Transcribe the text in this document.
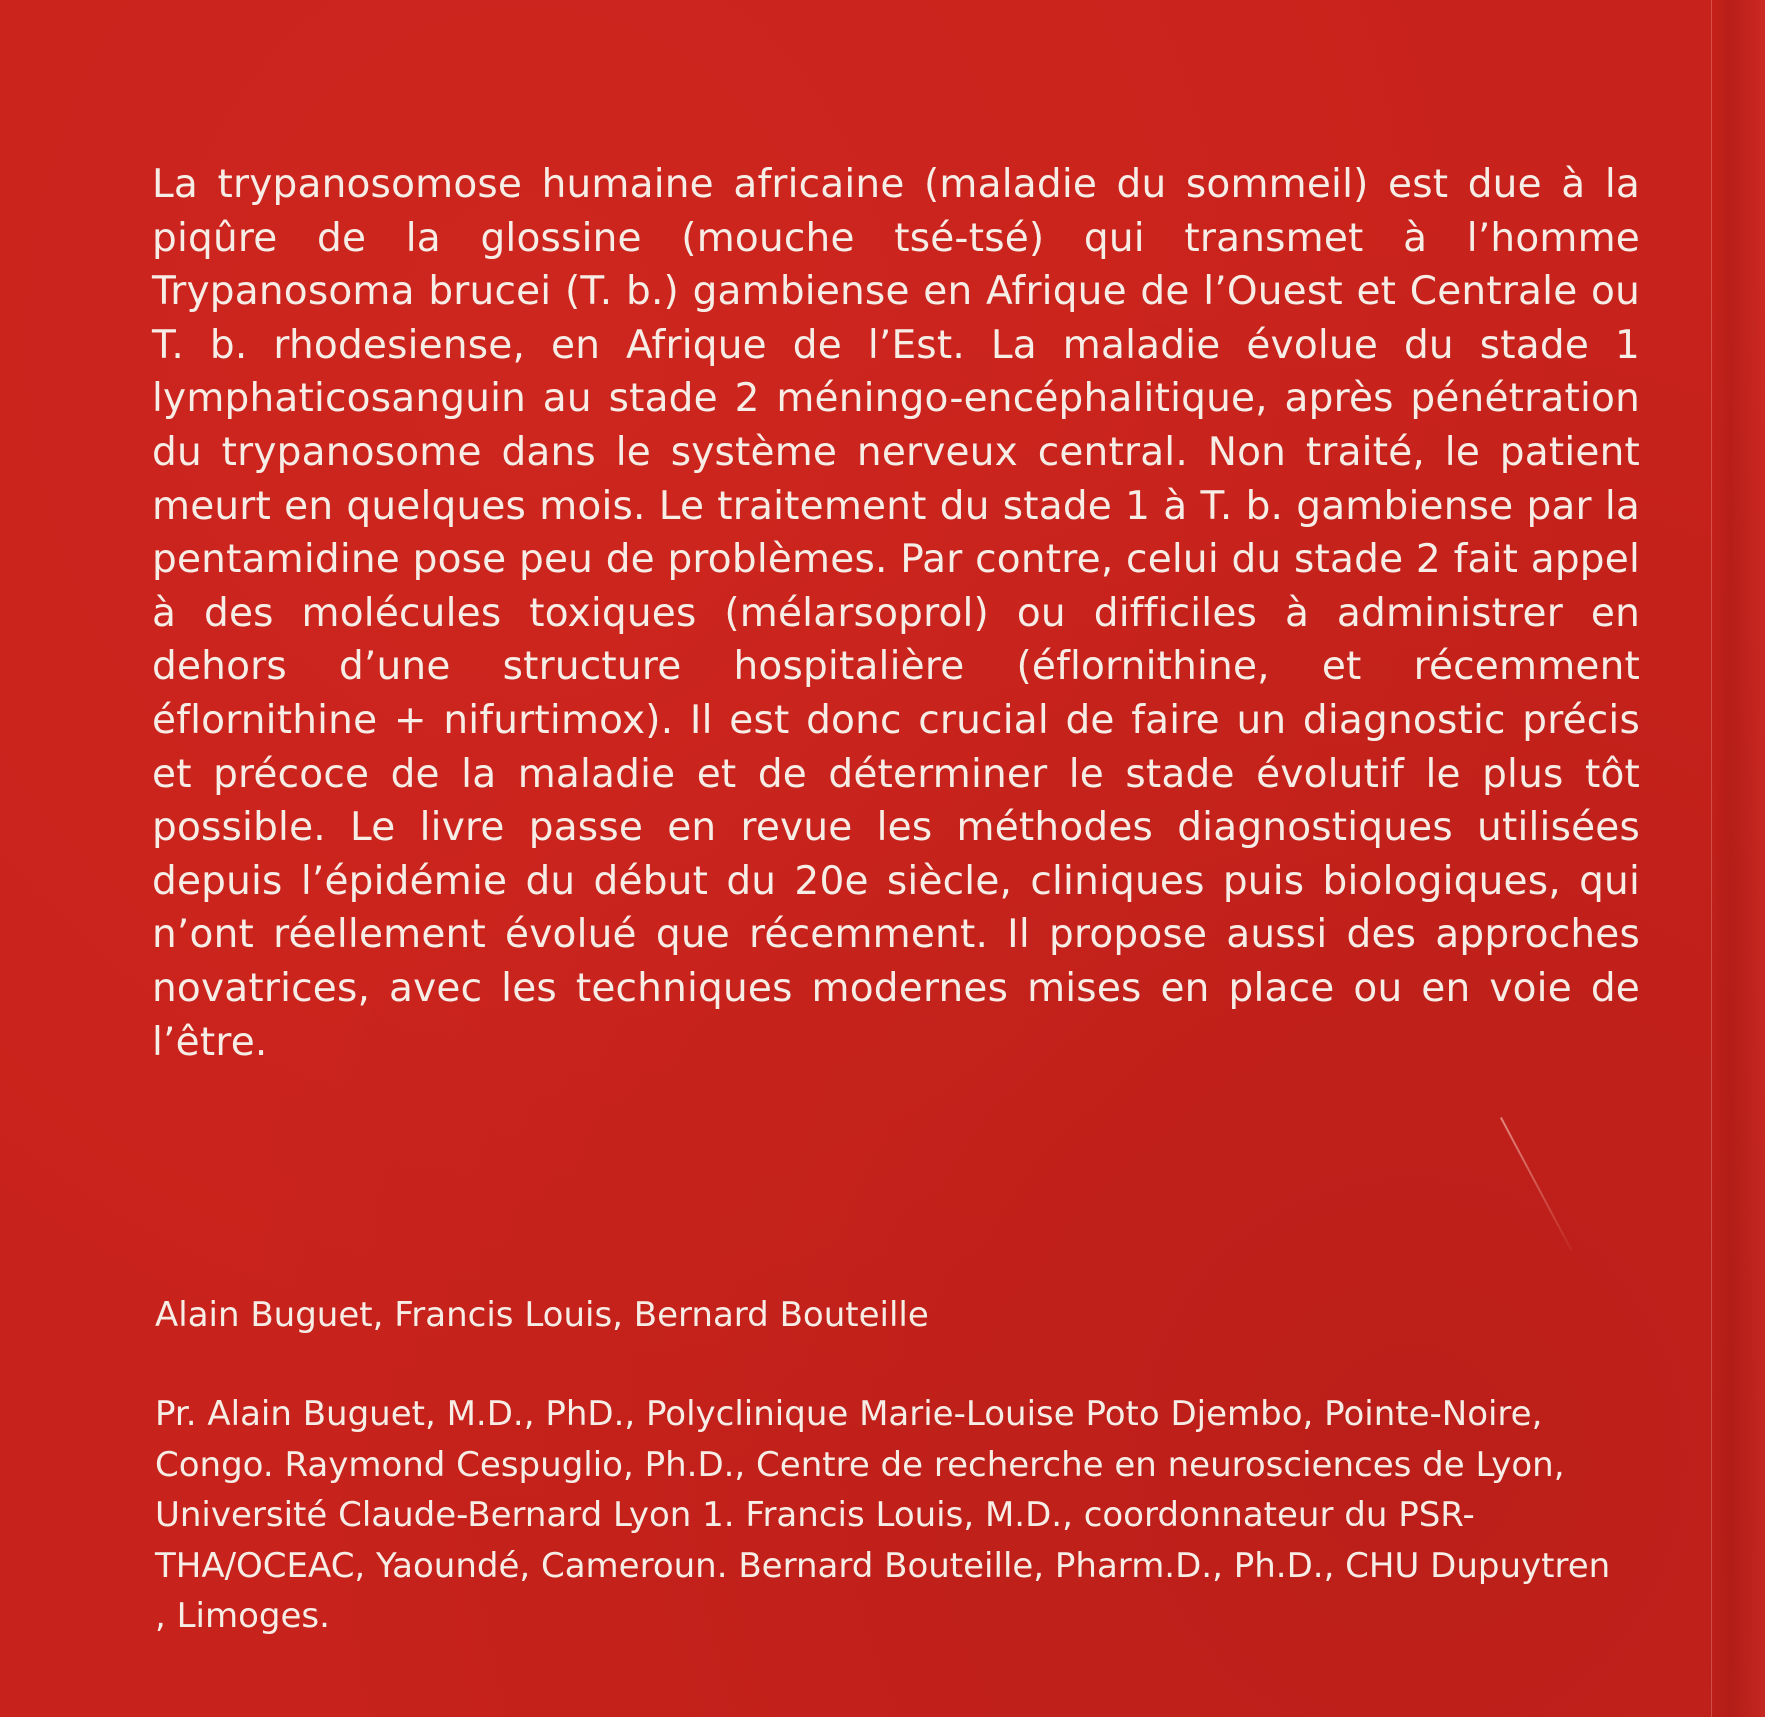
La trypanosomose humaine africaine (maladie du sommeil) est due à la piqûre de la glossine (mouche tsé-tsé) qui transmet à l’homme Trypanosoma brucei (T. b.) gambiense en Afrique de l’Ouest et Centrale ou T. b. rhodesiense, en Afrique de l’Est. La maladie évolue du stade 1 lymphaticosanguin au stade 2 méningo-encéphalitique, après pénétration du trypanosome dans le système nerveux central. Non traité, le patient meurt en quelques mois. Le traitement du stade 1 à T. b. gambiense par la pentamidine pose peu de problèmes. Par contre, celui du stade 2 fait appel à des molécules toxiques (mélarsoprol) ou difficiles à administrer en dehors d’une structure hospitalière (éflornithine, et récemment éflornithine + nifurtimox). Il est donc crucial de faire un diagnostic précis et précoce de la maladie et de déterminer le stade évolutif le plus tôt possible. Le livre passe en revue les méthodes diagnostiques utilisées depuis l’épidémie du début du 20e siècle, cliniques puis biologiques, qui n’ont réellement évolué que récemment. Il propose aussi des approches novatrices, avec les techniques modernes mises en place ou en voie de l’être.

Alain Buguet, Francis Louis, Bernard Bouteille

Pr. Alain Buguet, M.D., PhD., Polyclinique Marie-Louise Poto Djembo, Pointe-Noire, Congo. Raymond Cespuglio, Ph.D., Centre de recherche en neurosciences de Lyon, Université Claude-Bernard Lyon 1. Francis Louis, M.D., coordonnateur du PSR-THA/OCEAC, Yaoundé, Cameroun. Bernard Bouteille, Pharm.D., Ph.D., CHU Dupuytren , Limoges.
